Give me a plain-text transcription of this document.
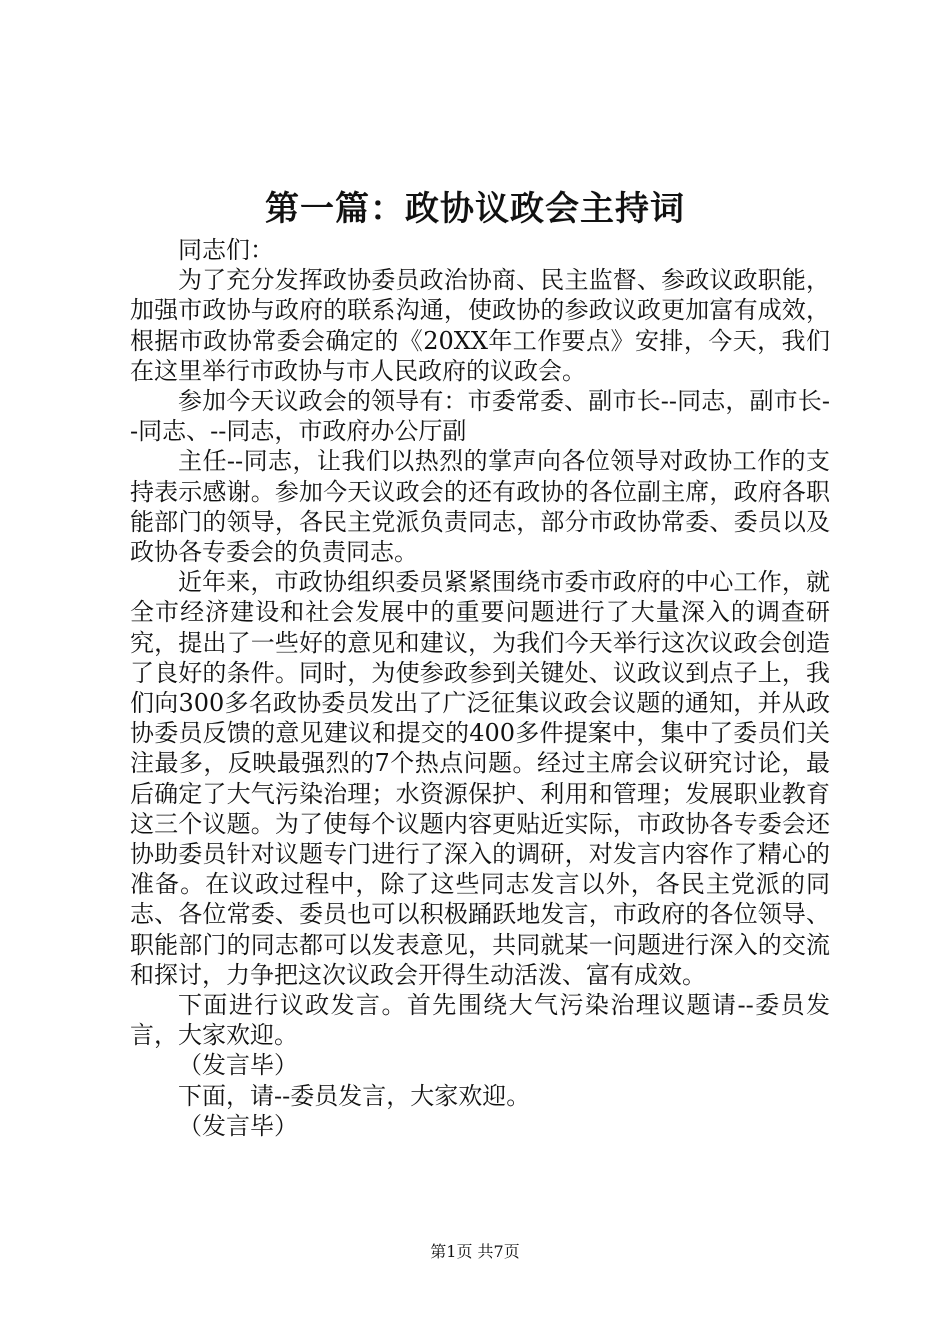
第一篇：政协议政会主持词

同志们：

为了充分发挥政协委员政治协商、民主监督、参政议政职能，加强市政协与政府的联系沟通，使政协的参政议政更加富有成效，根据市政协常委会确定的《20XX年工作要点》安排，今天，我们在这里举行市政协与市人民政府的议政会。

参加今天议政会的领导有：市委常委、副市长--同志，副市长--同志、--同志，市政府办公厅副

主任--同志，让我们以热烈的掌声向各位领导对政协工作的支持表示感谢。参加今天议政会的还有政协的各位副主席，政府各职能部门的领导，各民主党派负责同志，部分市政协常委、委员以及政协各专委会的负责同志。

近年来，市政协组织委员紧紧围绕市委市政府的中心工作，就全市经济建设和社会发展中的重要问题进行了大量深入的调查研究，提出了一些好的意见和建议，为我们今天举行这次议政会创造了良好的条件。同时，为使参政参到关键处、议政议到点子上，我们向300多名政协委员发出了广泛征集议政会议题的通知，并从政协委员反馈的意见建议和提交的400多件提案中，集中了委员们关注最多，反映最强烈的7个热点问题。经过主席会议研究讨论，最后确定了大气污染治理；水资源保护、利用和管理；发展职业教育这三个议题。为了使每个议题内容更贴近实际，市政协各专委会还协助委员针对议题专门进行了深入的调研，对发言内容作了精心的准备。在议政过程中，除了这些同志发言以外，各民主党派的同志、各位常委、委员也可以积极踊跃地发言，市政府的各位领导、职能部门的同志都可以发表意见，共同就某一问题进行深入的交流和探讨，力争把这次议政会开得生动活泼、富有成效。

下面进行议政发言。首先围绕大气污染治理议题请--委员发言，大家欢迎。

（发言毕）

下面，请--委员发言，大家欢迎。

（发言毕）

第1页 共7页
